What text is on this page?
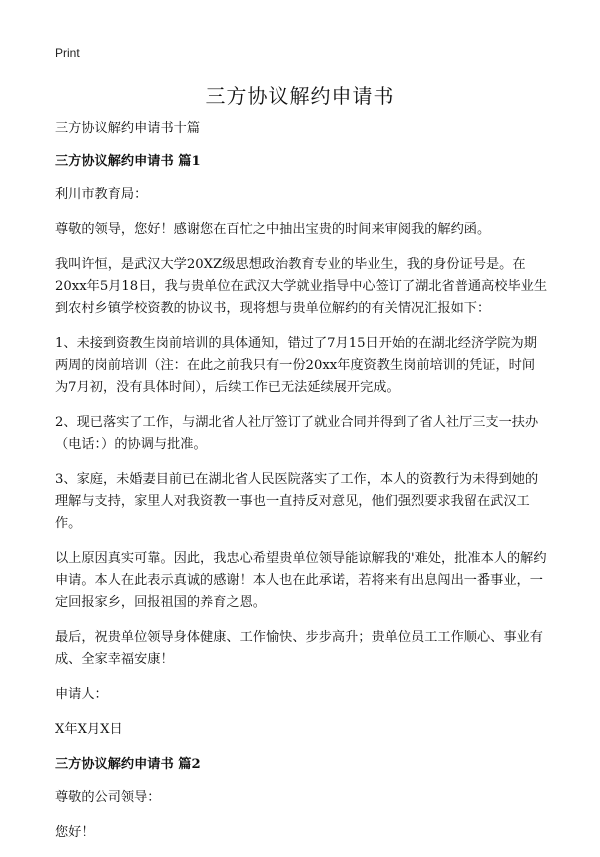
Print
三方协议解约申请书

三方协议解约申请书十篇

三方协议解约申请书 篇1

利川市教育局：

尊敬的领导，您好！感谢您在百忙之中抽出宝贵的时间来审阅我的解约函。

我叫许恒，是武汉大学20XZ级思想政治教育专业的毕业生，我的身份证号是。在20xx年5月18日，我与贵单位在武汉大学就业指导中心签订了湖北省普通高校毕业生到农村乡镇学校资教的协议书，现将想与贵单位解约的有关情况汇报如下：

1、未接到资教生岗前培训的具体通知，错过了7月15日开始的在湖北经济学院为期两周的岗前培训（注：在此之前我只有一份20xx年度资教生岗前培训的凭证，时间为7月初，没有具体时间），后续工作已无法延续展开完成。

2、现已落实了工作，与湖北省人社厅签订了就业合同并得到了省人社厅三支一扶办（电话：）的协调与批准。

3、家庭，未婚妻目前已在湖北省人民医院落实了工作，本人的资教行为未得到她的理解与支持，家里人对我资教一事也一直持反对意见，他们强烈要求我留在武汉工作。

以上原因真实可靠。因此，我忠心希望贵单位领导能谅解我的'难处，批准本人的解约申请。本人在此表示真诚的感谢！本人也在此承诺，若将来有出息闯出一番事业，一定回报家乡，回报祖国的养育之恩。

最后，祝贵单位领导身体健康、工作愉快、步步高升；贵单位员工工作顺心、事业有成、全家幸福安康！

申请人：

X年X月X日

三方协议解约申请书 篇2

尊敬的公司领导：

您好！
